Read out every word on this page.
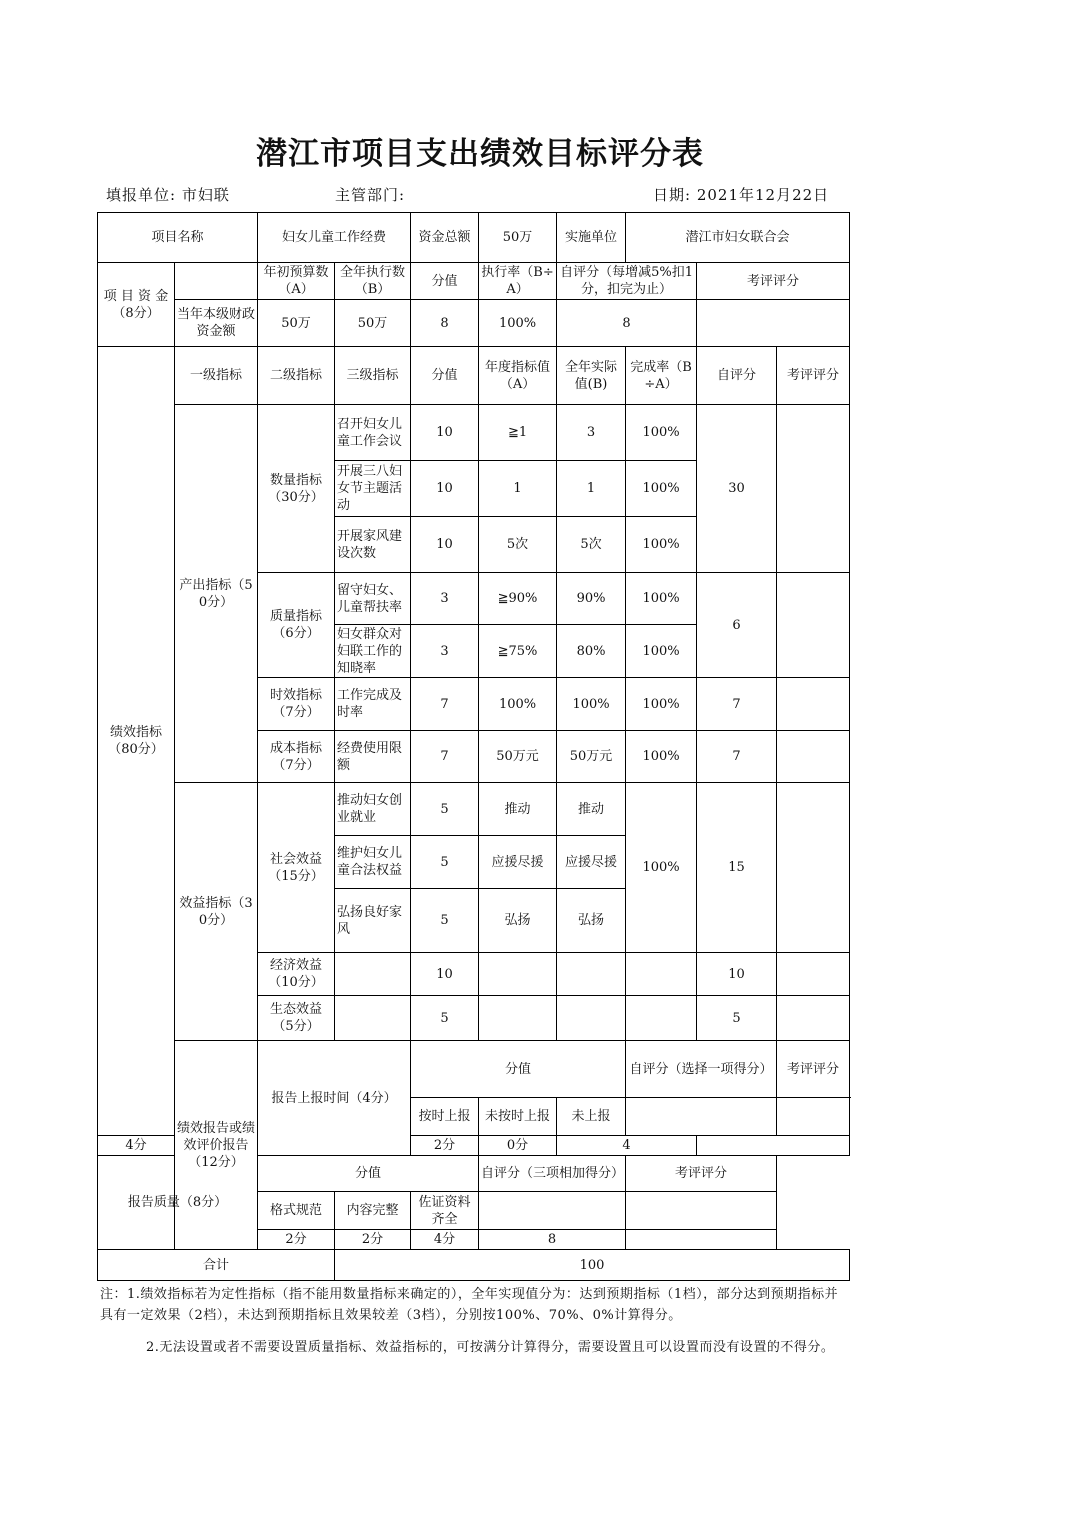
潜江市项目支出绩效目标评分表
填报单位: 市妇联	主管部门:	日期: 2021年12月22日
项目名称		妇女儿童工作经费		资金总额	50万	实施单位	潜江市妇女联合会		
项 目 资 金（8分）		年初预算数（A）	全年执行数（B）	分值	执行率（B÷A）	自评分（每增减5%扣1分，扣完为止）		考评评分	
	当年本级财政资金额	50万	50万	8	100%	8			
绩效指标（80分）	一级指标	二级指标	三级指标	分值	年度指标值（A）	全年实际值(B)	完成率（B÷A）	自评分	考评评分
	产出指标（50分）	数量指标（30分）	召开妇女儿童工作会议	10	≧1	3	100%	30	
			开展三八妇女节主题活动	10	1	1	100%		
			开展家风建设次数	10	5次	5次	100%		
		质量指标（6分）	留守妇女、儿童帮扶率	3	≧90%	90%	100%	6	
			妇女群众对妇联工作的知晓率	3	≧75%	80%	100%		
		时效指标（7分）	工作完成及时率	7	100%	100%	100%	7	
		成本指标（7分）	经费使用限额	7	50万元	50万元	100%	7	
	效益指标（30分）	社会效益（15分）	推动妇女创业就业	5	推动	推动	100%	15	
			维护妇女儿童合法权益	5	应援尽援	应援尽援			
			弘扬良好家风	5	弘扬	弘扬			
		经济效益（10分）		10				10	
		生态效益（5分）		5				5	
	绩效报告或绩效评价报告（12分）	报告上报时间（4分）		分值			自评分（选择一项得分）		考评评分
				按时上报	未按时上报	未上报			
4分				2分	0分	4			
报告质量（8分）		分值			自评分（三项相加得分）		考评评分		
		格式规范	内容完整	佐证资料齐全					
		2分	2分	4分	8				
合计			100						
注：1.绩效指标若为定性指标（指不能用数量指标来确定的），全年实现值分为：达到预期指标（1档），部分达到预期指标并具有一定效果（2档），未达到预期指标且效果较差（3档），分别按100%、70%、0%计算得分。
2.无法设置或者不需要设置质量指标、效益指标的，可按满分计算得分，需要设置且可以设置而没有设置的不得分。
